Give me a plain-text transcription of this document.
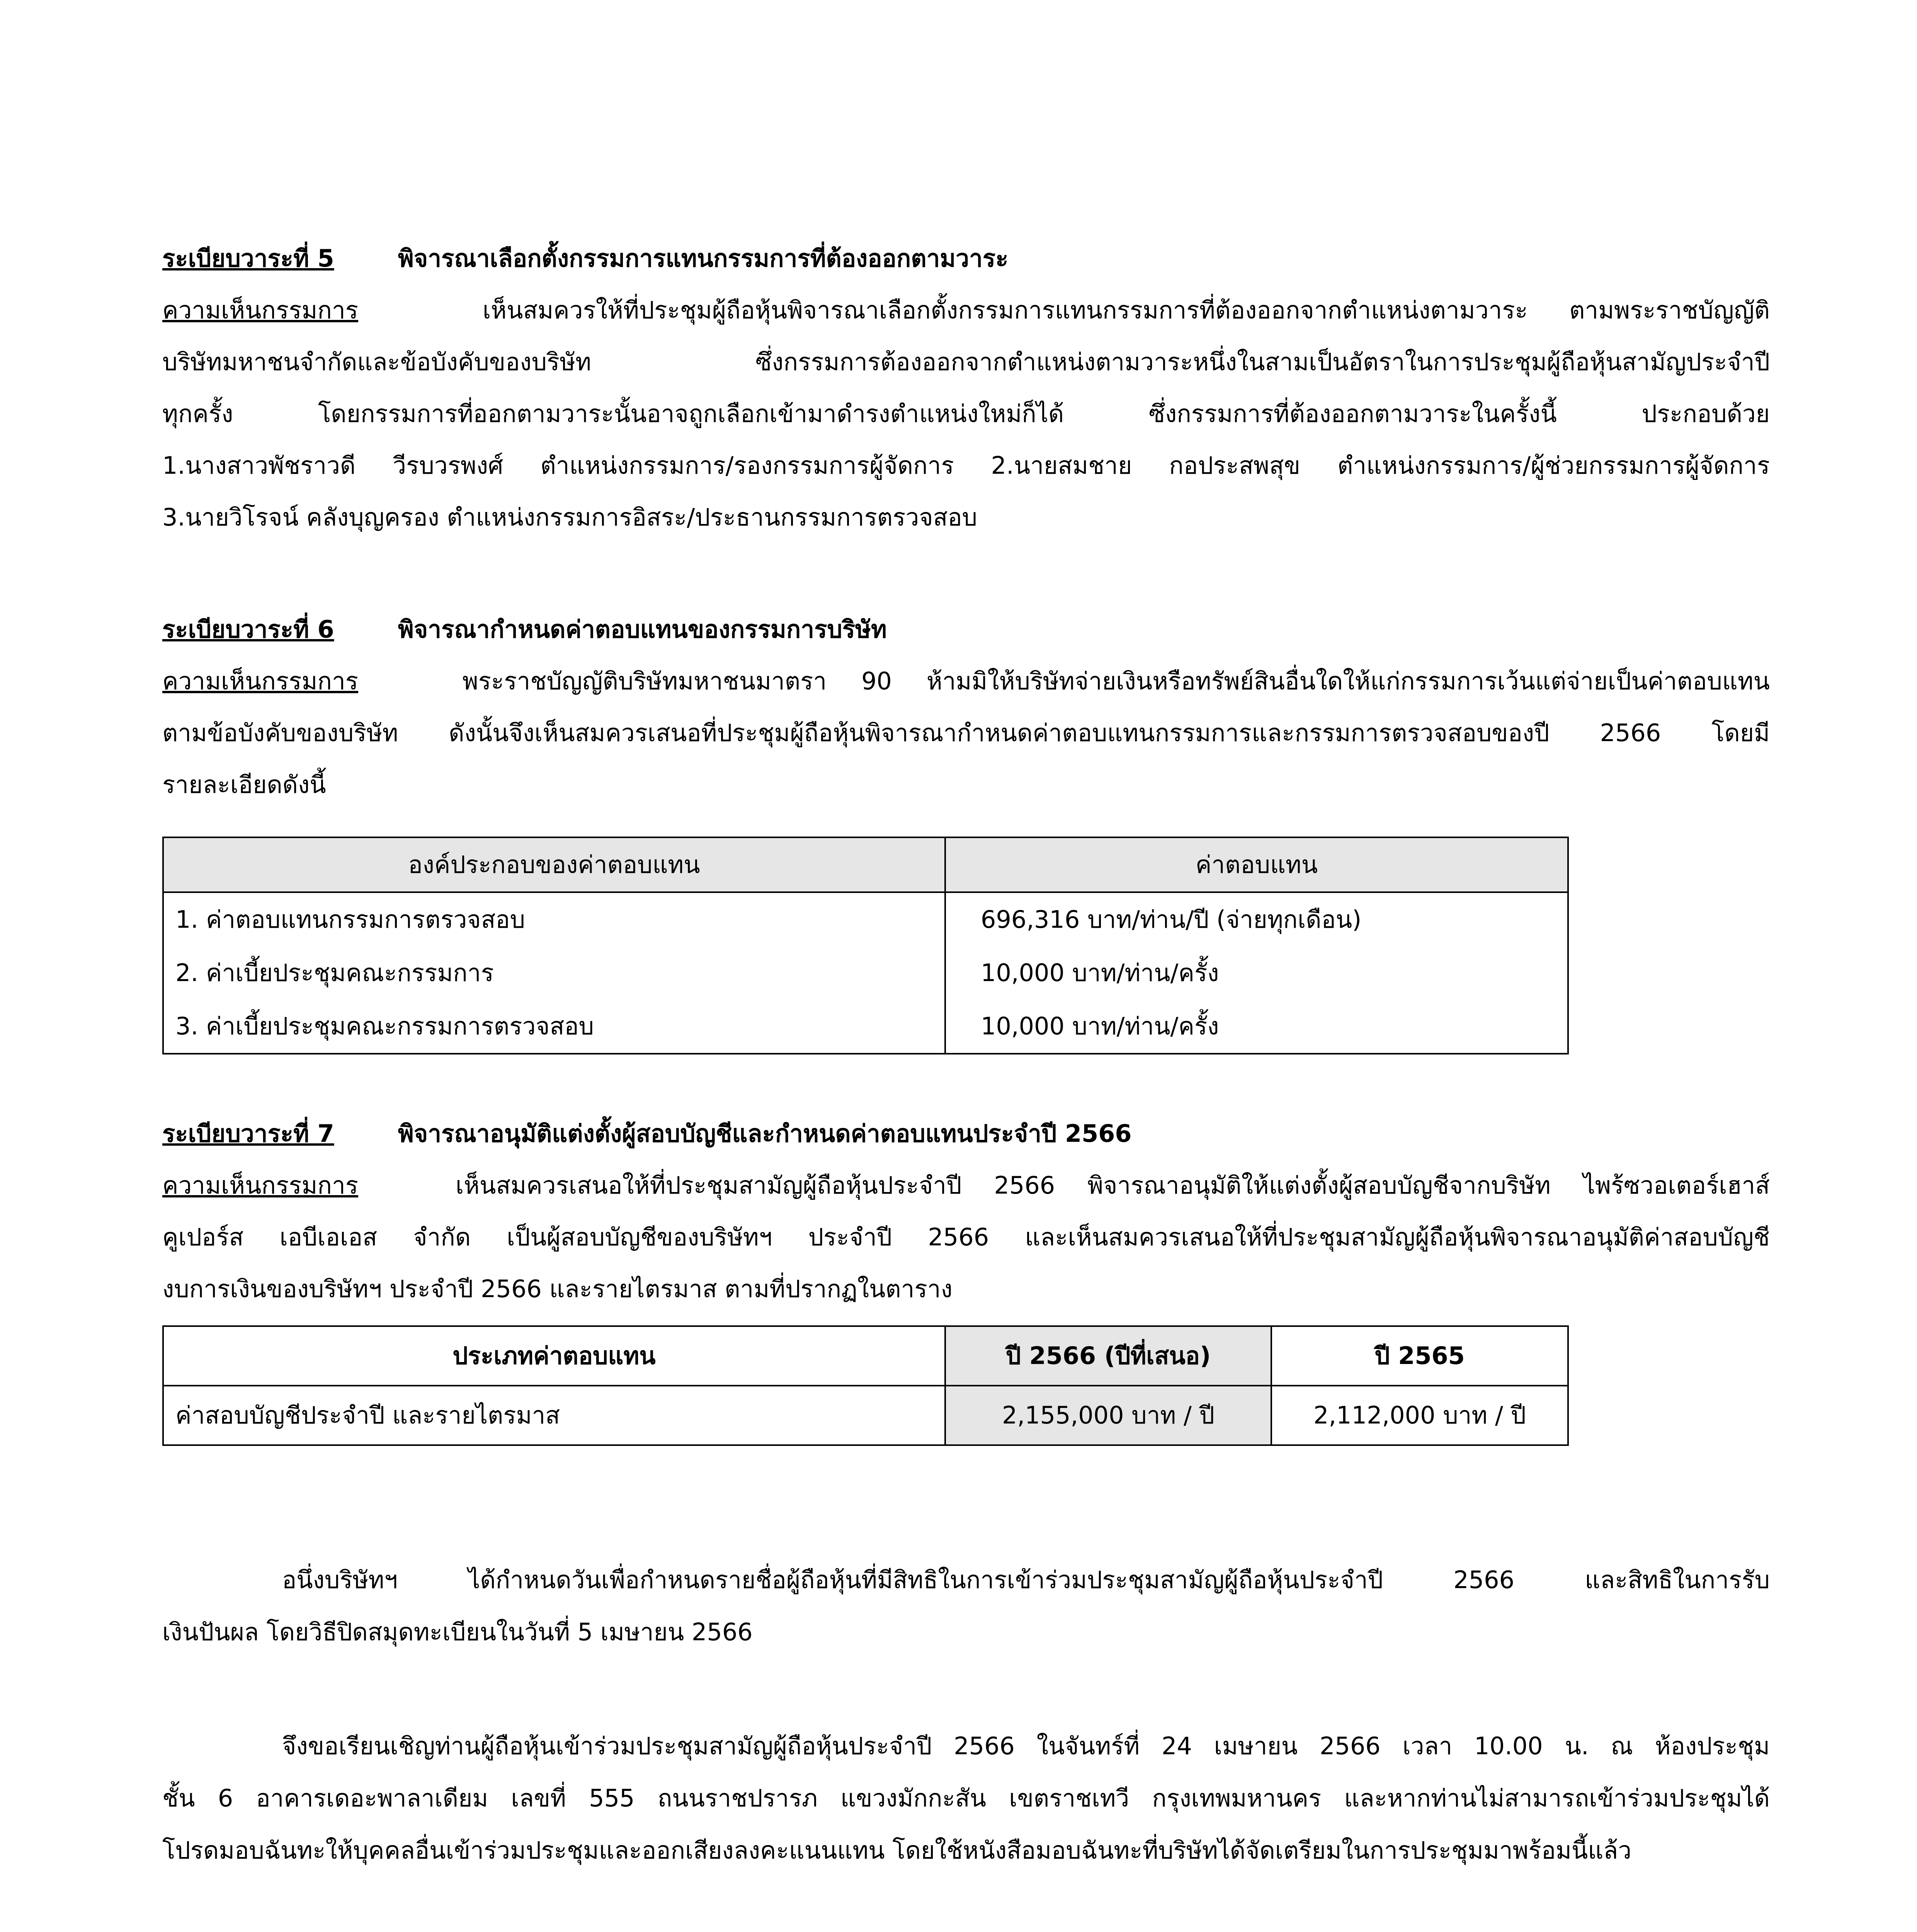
ระเบียบวาระที่ 5	พิจารณาเลือกตั้งกรรมการแทนกรรมการที่ต้องออกตามวาระ
ความเห็นกรรมการ	เห็นสมควรให้ที่ประชุมผู้ถือหุ้นพิจารณาเลือกตั้งกรรมการแทนกรรมการที่ต้องออกจากตำแหน่งตามวาระ ตามพระราชบัญญัติ
บริษัทมหาชนจำกัดและข้อบังคับของบริษัท ซึ่งกรรมการต้องออกจากตำแหน่งตามวาระหนึ่งในสามเป็นอัตราในการประชุมผู้ถือหุ้นสามัญประจำปี
ทุกครั้ง โดยกรรมการที่ออกตามวาระนั้นอาจถูกเลือกเข้ามาดำรงตำแหน่งใหม่ก็ได้ ซึ่งกรรมการที่ต้องออกตามวาระในครั้งนี้ ประกอบด้วย
1.นางสาวพัชราวดี วีรบวรพงศ์ ตำแหน่งกรรมการ/รองกรรมการผู้จัดการ 2.นายสมชาย กอประสพสุข ตำแหน่งกรรมการ/ผู้ช่วยกรรมการผู้จัดการ
3.นายวิโรจน์ คลังบุญครอง ตำแหน่งกรรมการอิสระ/ประธานกรรมการตรวจสอบ
ระเบียบวาระที่ 6	พิจารณากำหนดค่าตอบแทนของกรรมการบริษัท
ความเห็นกรรมการ	พระราชบัญญัติบริษัทมหาชนมาตรา 90 ห้ามมิให้บริษัทจ่ายเงินหรือทรัพย์สินอื่นใดให้แก่กรรมการเว้นแต่จ่ายเป็นค่าตอบแทน
ตามข้อบังคับของบริษัท ดังนั้นจึงเห็นสมควรเสนอที่ประชุมผู้ถือหุ้นพิจารณากำหนดค่าตอบแทนกรรมการและกรรมการตรวจสอบของปี 2566 โดยมี
รายละเอียดดังนี้
องค์ประกอบของค่าตอบแทน	ค่าตอบแทน
1. ค่าตอบแทนกรรมการตรวจสอบ	696,316 บาท/ท่าน/ปี (จ่ายทุกเดือน)
2. ค่าเบี้ยประชุมคณะกรรมการ	10,000 บาท/ท่าน/ครั้ง
3. ค่าเบี้ยประชุมคณะกรรมการตรวจสอบ	10,000 บาท/ท่าน/ครั้ง
ระเบียบวาระที่ 7	พิจารณาอนุมัติแต่งตั้งผู้สอบบัญชีและกำหนดค่าตอบแทนประจำปี 2566
ความเห็นกรรมการ	เห็นสมควรเสนอให้ที่ประชุมสามัญผู้ถือหุ้นประจำปี 2566 พิจารณาอนุมัติให้แต่งตั้งผู้สอบบัญชีจากบริษัท ไพร้ซวอเตอร์เฮาส์
คูเปอร์ส เอบีเอเอส จำกัด เป็นผู้สอบบัญชีของบริษัทฯ ประจำปี 2566 และเห็นสมควรเสนอให้ที่ประชุมสามัญผู้ถือหุ้นพิจารณาอนุมัติค่าสอบบัญชี
งบการเงินของบริษัทฯ ประจำปี 2566 และรายไตรมาส ตามที่ปรากฏในตาราง
ประเภทค่าตอบแทน	ปี 2566 (ปีที่เสนอ)	ปี 2565
ค่าสอบบัญชีประจำปี และรายไตรมาส	2,155,000 บาท / ปี	2,112,000 บาท / ปี
อนึ่งบริษัทฯ ได้กำหนดวันเพื่อกำหนดรายชื่อผู้ถือหุ้นที่มีสิทธิในการเข้าร่วมประชุมสามัญผู้ถือหุ้นประจำปี 2566 และสิทธิในการรับ
เงินปันผล โดยวิธีปิดสมุดทะเบียนในวันที่ 5 เมษายน 2566
จึงขอเรียนเชิญท่านผู้ถือหุ้นเข้าร่วมประชุมสามัญผู้ถือหุ้นประจำปี 2566 ในจันทร์ที่ 24 เมษายน 2566 เวลา 10.00 น. ณ ห้องประชุม
ชั้น 6 อาคารเดอะพาลาเดียม เลขที่ 555 ถนนราชปรารภ แขวงมักกะสัน เขตราชเทวี กรุงเทพมหานคร และหากท่านไม่สามารถเข้าร่วมประชุมได้
โปรดมอบฉันทะให้บุคคลอื่นเข้าร่วมประชุมและออกเสียงลงคะแนนแทน โดยใช้หนังสือมอบฉันทะที่บริษัทได้จัดเตรียมในการประชุมมาพร้อมนี้แล้ว
